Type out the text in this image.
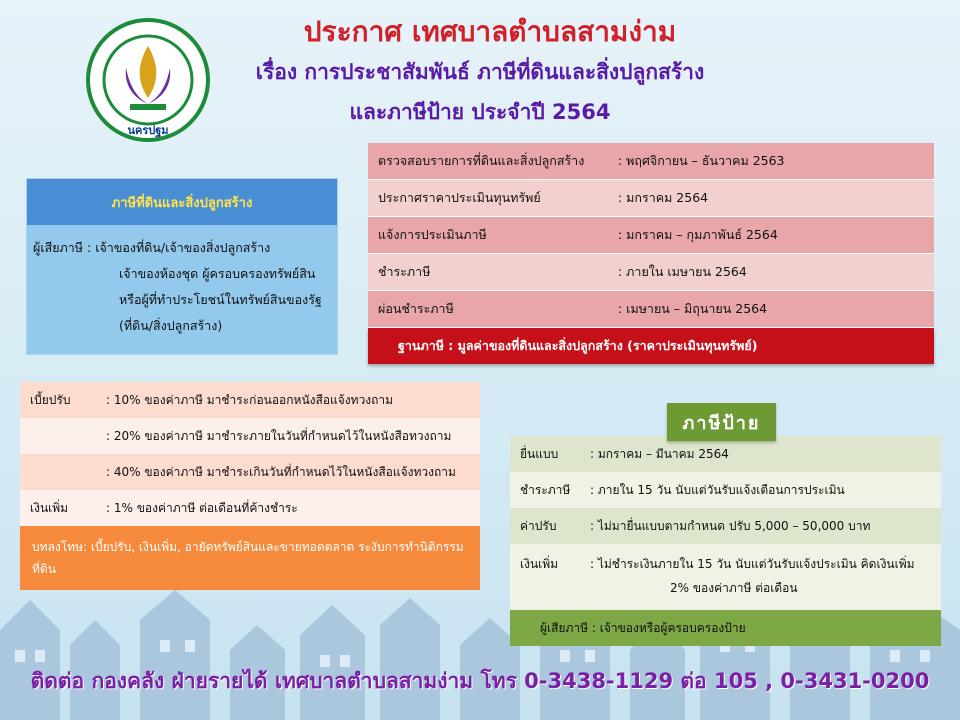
นครปฐม
ประกาศ เทศบาลตำบลสามง่าม
เรื่อง การประชาสัมพันธ์ ภาษีที่ดินและสิ่งปลูกสร้าง
และภาษีป้าย ประจำปี 2564
ภาษีที่ดินและสิ่งปลูกสร้าง
ผู้เสียภาษี : เจ้าของที่ดิน/เจ้าของสิ่งปลูกสร้าง
เจ้าของห้องชุด ผู้ครอบครองทรัพย์สิน
หรือผู้ที่ทำประโยชน์ในทรัพย์สินของรัฐ
(ที่ดิน/สิ่งปลูกสร้าง)
ตรวจสอบรายการที่ดินและสิ่งปลูกสร้าง	: พฤศจิกายน – ธันวาคม 2563
ประกาศราคาประเมินทุนทรัพย์	: มกราคม 2564
แจ้งการประเมินภาษี	: มกราคม – กุมภาพันธ์ 2564
ชำระภาษี	: ภายใน เมษายน 2564
ผ่อนชำระภาษี	: เมษายน – มิถุนายน 2564
ฐานภาษี : มูลค่าของที่ดินและสิ่งปลูกสร้าง (ราคาประเมินทุนทรัพย์)
เบี้ยปรับ	: 10% ของค่าภาษี มาชำระก่อนออกหนังสือแจ้งทวงถาม
: 20% ของค่าภาษี มาชำระภายในวันที่กำหนดไว้ในหนังสือทวงถาม
: 40% ของค่าภาษี มาชำระเกินวันที่กำหนดไว้ในหนังสือแจ้งทวงถาม
เงินเพิ่ม	: 1% ของค่าภาษี ต่อเดือนที่ค้างชำระ
บทลงโทษ: เบี้ยปรับ, เงินเพิ่ม, อายัดทรัพย์สินและขายทอดตลาด ระงับการทำนิติกรรมที่ดิน
ยื่นแบบ	: มกราคม – มีนาคม 2564
ชำระภาษี	: ภายใน 15 วัน นับแต่วันรับแจ้งเตือนการประเมิน
ค่าปรับ	: ไม่มายื่นแบบตามกำหนด ปรับ 5,000 – 50,000 บาท
เงินเพิ่ม	: ไม่ชำระเงินภายใน 15 วัน นับแต่วันรับแจ้งประเมิน คิดเงินเพิ่ม
2% ของค่าภาษี ต่อเดือน
ผู้เสียภาษี : เจ้าของหรือผู้ครอบครองป้าย
ภาษีป้าย
ติดต่อ กองคลัง ฝ่ายรายได้ เทศบาลตำบลสามง่าม โทร 0-3438-1129 ต่อ 105 , 0-3431-0200
